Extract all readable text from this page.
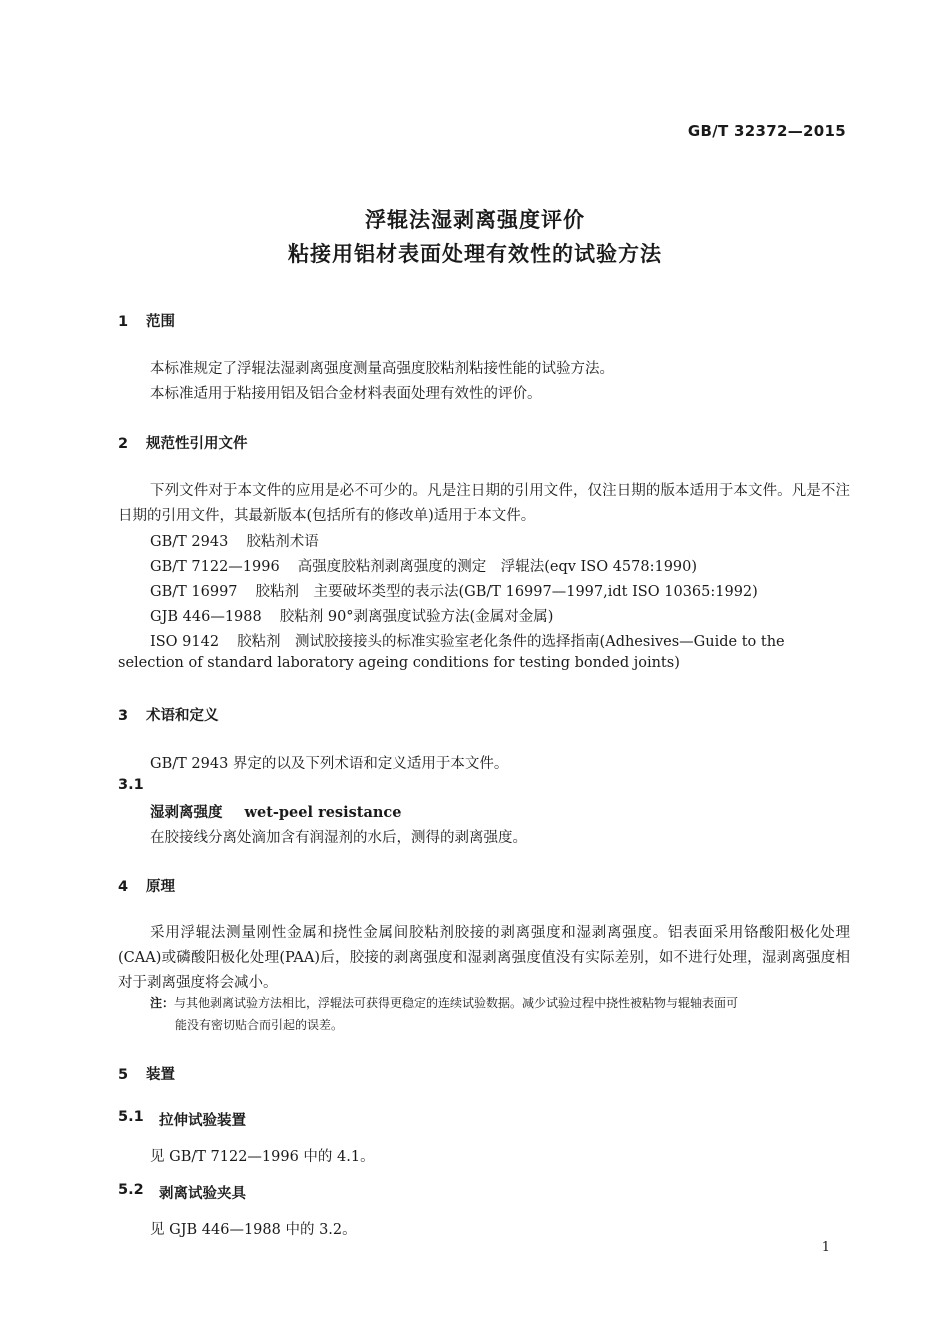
GB/T 32372—2015
浮辊法湿剥离强度评价
粘接用铝材表面处理有效性的试验方法
1 范围
本标准规定了浮辊法湿剥离强度测量高强度胶粘剂粘接性能的试验方法。
本标准适用于粘接用铝及铝合金材料表面处理有效性的评价。
2 规范性引用文件
下列文件对于本文件的应用是必不可少的。凡是注日期的引用文件，仅注日期的版本适用于本文件。凡是不注日期的引用文件，其最新版本(包括所有的修改单)适用于本文件。
GB/T 2943 胶粘剂术语
GB/T 7122—1996 高强度胶粘剂剥离强度的测定　浮辊法(eqv ISO 4578:1990)
GB/T 16997 胶粘剂　主要破坏类型的表示法(GB/T 16997—1997,idt ISO 10365:1992)
GJB 446—1988 胶粘剂 90°剥离强度试验方法(金属对金属)
ISO 9142 胶粘剂　测试胶接接头的标准实验室老化条件的选择指南(Adhesives—Guide to the
selection of standard laboratory ageing conditions for testing bonded joints)
3 术语和定义
GB/T 2943 界定的以及下列术语和定义适用于本文件。
3.1
湿剥离强度 wet-peel resistance
在胶接线分离处滴加含有润湿剂的水后，测得的剥离强度。
4 原理
采用浮辊法测量刚性金属和挠性金属间胶粘剂胶接的剥离强度和湿剥离强度。铝表面采用铬酸阳极化处理(CAA)或磷酸阳极化处理(PAA)后，胶接的剥离强度和湿剥离强度值没有实际差别，如不进行处理，湿剥离强度相对于剥离强度将会减小。
注：与其他剥离试验方法相比，浮辊法可获得更稳定的连续试验数据。减少试验过程中挠性被粘物与辊轴表面可
能没有密切贴合而引起的误差。
5 装置
5.1 拉伸试验装置
见 GB/T 7122—1996 中的 4.1。
5.2 剥离试验夹具
见 GJB 446—1988 中的 3.2。
1
